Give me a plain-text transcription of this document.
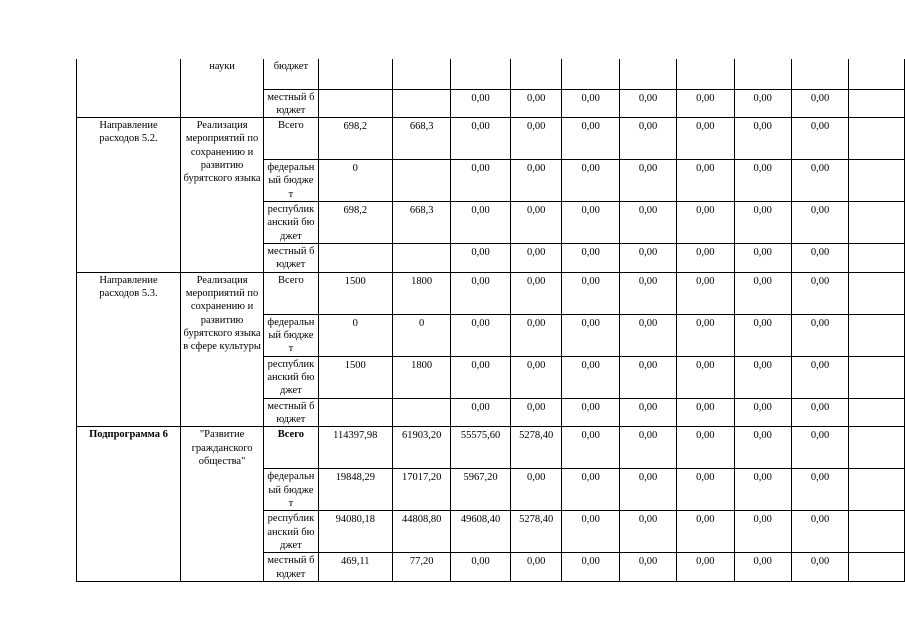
	науки	бюджет										
		местный бюджет			0,00	0,00	0,00	0,00	0,00	0,00	0,00	
Направление расходов 5.2.	Реализация мероприятий по сохранению и развитию бурятского языка	Всего	698,2	668,3	0,00	0,00	0,00	0,00	0,00	0,00	0,00	
		федеральный бюджет	0		0,00	0,00	0,00	0,00	0,00	0,00	0,00	
		республиканский бюджет	698,2	668,3	0,00	0,00	0,00	0,00	0,00	0,00	0,00	
		местный бюджет			0,00	0,00	0,00	0,00	0,00	0,00	0,00	
Направление расходов 5.3.	Реализация мероприятий по сохранению и развитию бурятского языка в сфере культуры	Всего	1500	1800	0,00	0,00	0,00	0,00	0,00	0,00	0,00	
		федеральный бюджет	0	0	0,00	0,00	0,00	0,00	0,00	0,00	0,00	
		республиканский бюджет	1500	1800	0,00	0,00	0,00	0,00	0,00	0,00	0,00	
		местный бюджет			0,00	0,00	0,00	0,00	0,00	0,00	0,00	
Подпрограмма 6	"Развитие гражданского общества"	Всего	114397,98	61903,20	55575,60	5278,40	0,00	0,00	0,00	0,00	0,00	
		федеральный бюджет	19848,29	17017,20	5967,20	0,00	0,00	0,00	0,00	0,00	0,00	
		республиканский бюджет	94080,18	44808,80	49608,40	5278,40	0,00	0,00	0,00	0,00	0,00	
		местный бюджет	469,11	77,20	0,00	0,00	0,00	0,00	0,00	0,00	0,00	
